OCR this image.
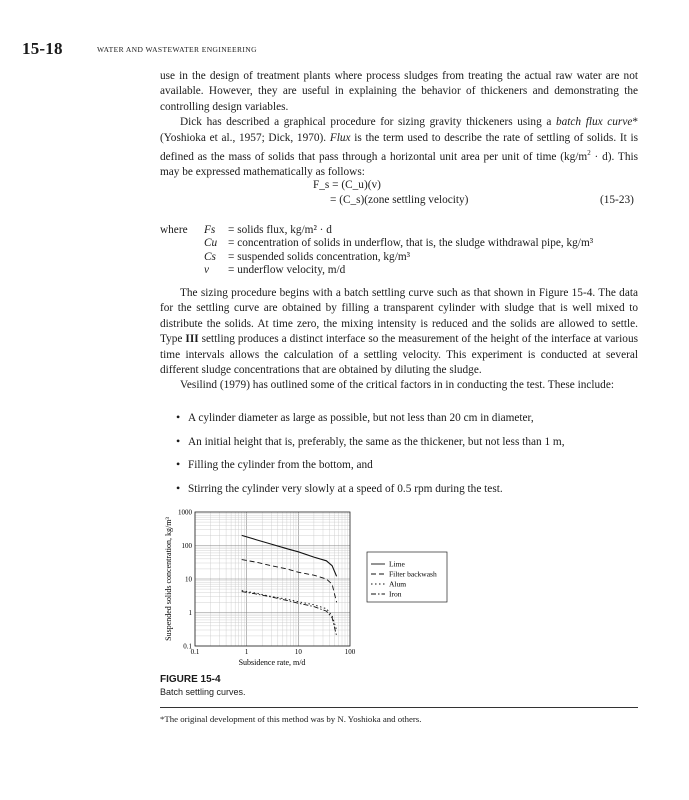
15-18	WATER AND WASTEWATER ENGINEERING

use in the design of treatment plants where process sludges from treating the actual raw water are not available. However, they are useful in explaining the behavior of thickeners and demonstrating the controlling design variables.

Dick has described a graphical procedure for sizing gravity thickeners using a batch flux curve* (Yoshioka et al., 1957; Dick, 1970). Flux is the term used to describe the rate of settling of solids. It is defined as the mass of solids that pass through a horizontal unit area per unit of time $(kg/m^2 \cdot d)$. This may be expressed mathematically as follows:

F_s = (C_u)(v)
= (C_s)(zone settling velocity)	(15-23)
where	Fs	= solids flux, kg/m² · d
Cu = concentration of solids in underflow, that is, the sludge withdrawal pipe, kg/m³
Cs	= suspended solids concentration, kg/m³
v	= underflow velocity, m/d

The sizing procedure begins with a batch settling curve such as that shown in Figure 15-4. The data for the settling curve are obtained by filling a transparent cylinder with sludge that is well mixed to distribute the solids. At time zero, the mixing intensity is reduced and the solids are allowed to settle. Type III settling produces a distinct interface so the measurement of the height of the interface at various time intervals allows the calculation of a settling velocity. This experiment is conducted at several different sludge concentrations that are obtained by diluting the sludge.

Vesilind (1979) has outlined some of the critical factors in in conducting the test. These include:

• A cylinder diameter as large as possible, but not less than 20 cm in diameter,
• An initial height that is, preferably, the same as the thickener, but not less than 1 m,
• Filling the cylinder from the bottom, and
• Stirring the cylinder very slowly at a speed of 0.5 rpm during the test.
0.1	1	10	100
0.1
1
10
100
1000
Subsidence rate, m/d
Suspended solids concentration, kg/m³	Lime
Filter backwash
Alum
Iron
FIGURE 15-4
Batch settling curves.
*The original development of this method was by N. Yoshioka and others.
